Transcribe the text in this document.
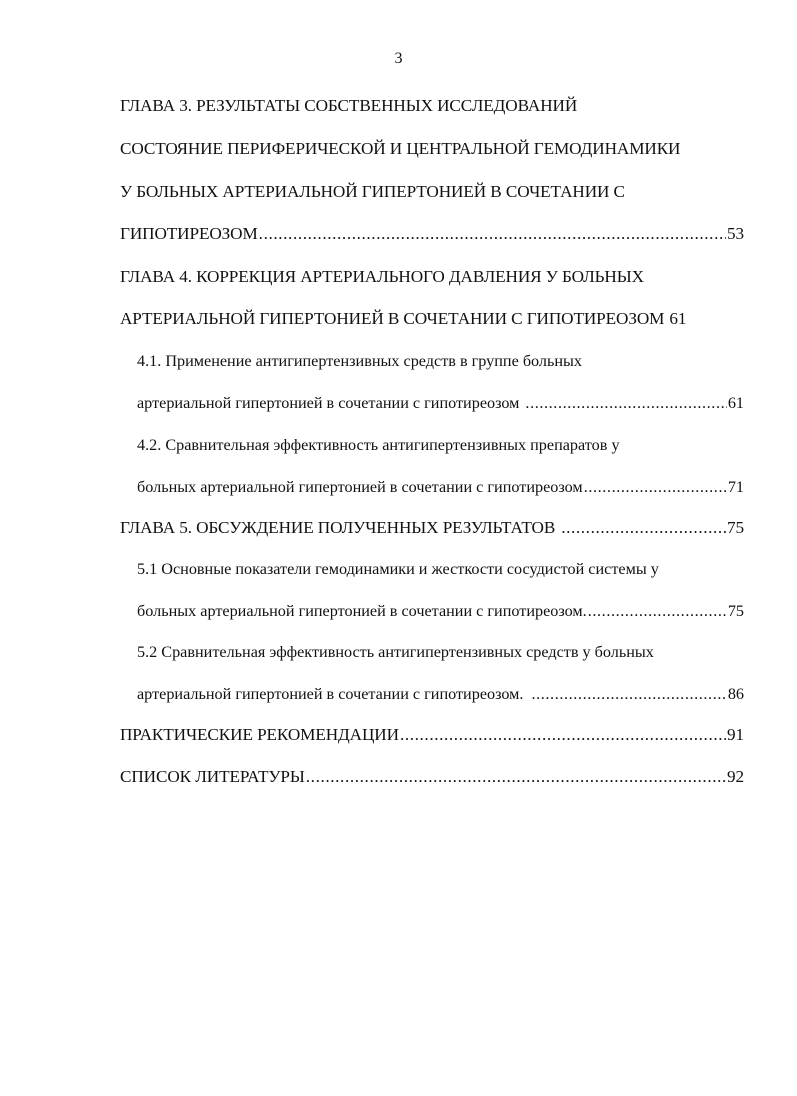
3
ГЛАВА 3. РЕЗУЛЬТАТЫ СОБСТВЕННЫХ ИССЛЕДОВАНИЙ
СОСТОЯНИЕ ПЕРИФЕРИЧЕСКОЙ И ЦЕНТРАЛЬНОЙ ГЕМОДИНАМИКИ
У БОЛЬНЫХ АРТЕРИАЛЬНОЙ ГИПЕРТОНИЕЙ В СОЧЕТАНИИ С
ГИПОТИРЕОЗОМ .....	53
ГЛАВА 4. КОРРЕКЦИЯ АРТЕРИАЛЬНОГО ДАВЛЕНИЯ У БОЛЬНЫХ
АРТЕРИАЛЬНОЙ ГИПЕРТОНИЕЙ В СОЧЕТАНИИ С ГИПОТИРЕОЗОМ 61
4.1. Применение антигипертензивных средств в группе больных
артериальной гипертонией в сочетании с гипотиреозом .....	61
4.2. Сравнительная эффективность антигипертензивных препаратов у
больных артериальной гипертонией в сочетании с гипотиреозом .....	71
ГЛАВА 5. ОБСУЖДЕНИЕ ПОЛУЧЕННЫХ РЕЗУЛЬТАТОВ .....	75
5.1 Основные показатели гемодинамики и жесткости сосудистой системы у
больных артериальной гипертонией в сочетании с гипотиреозом. .....	75
5.2 Сравнительная эффективность антигипертензивных средств у больных
артериальной гипертонией в сочетании с гипотиреозом. .....	86
ПРАКТИЧЕСКИЕ РЕКОМЕНДАЦИИ .....	91
СПИСОК ЛИТЕРАТУРЫ .....	92
